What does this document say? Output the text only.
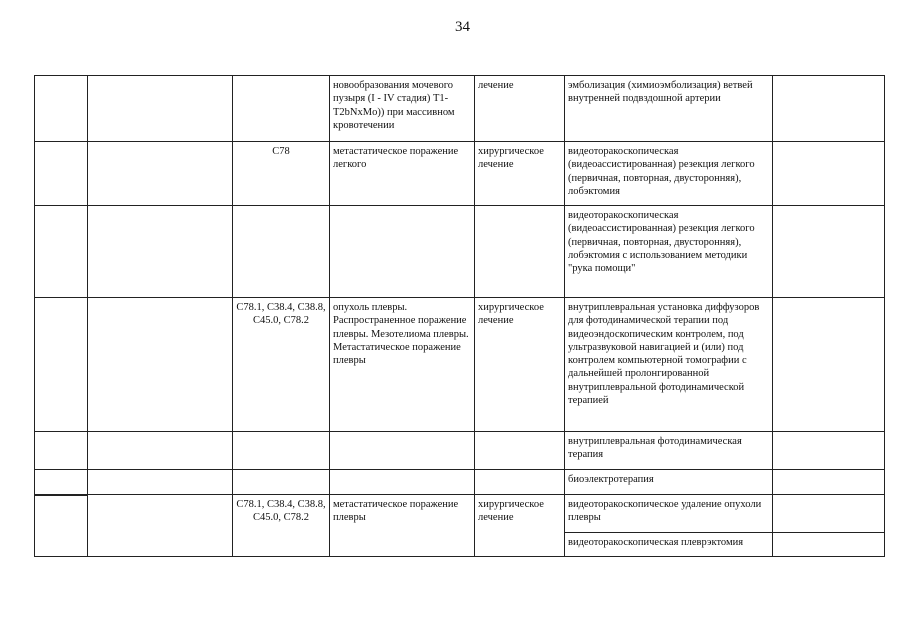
34
			новообразования мочевого пузыря (I - IV стадия) T1-T2bNxMo)) при массивном кровотечении	лечение	эмболизация (химиоэмболизация) ветвей внутренней подвздошной артерии	
		C78	метастатическое поражение легкого	хирургическое лечение	видеоторакоскопическая (видеоассистированная) резекция легкого (первичная, повторная, двусторонняя), лобэктомия	
					видеоторакоскопическая (видеоассистированная) резекция легкого (первичная, повторная, двусторонняя), лобэктомия с использованием методики "рука помощи"	
		C78.1, C38.4, C38.8, C45.0, C78.2	опухоль плевры. Распространенное поражение плевры. Мезотелиома плевры. Метастатическое поражение плевры	хирургическое лечение	внутриплевральная установка диффузоров для фотодинамической терапии под видеоэндоскопическим контролем, под ультразвуковой навигацией и (или) под контролем компьютерной томографии с дальнейшей пролонгированной внутриплевральной фотодинамической терапией	
					внутриплевральная фотодинамическая терапия	
					биоэлектротерапия	

		C78.1, C38.4, C38.8, C45.0, C78.2	метастатическое поражение плевры	хирургическое лечение	видеоторакоскопическое удаление опухоли плевры	
					видеоторакоскопическая плеврэктомия	
